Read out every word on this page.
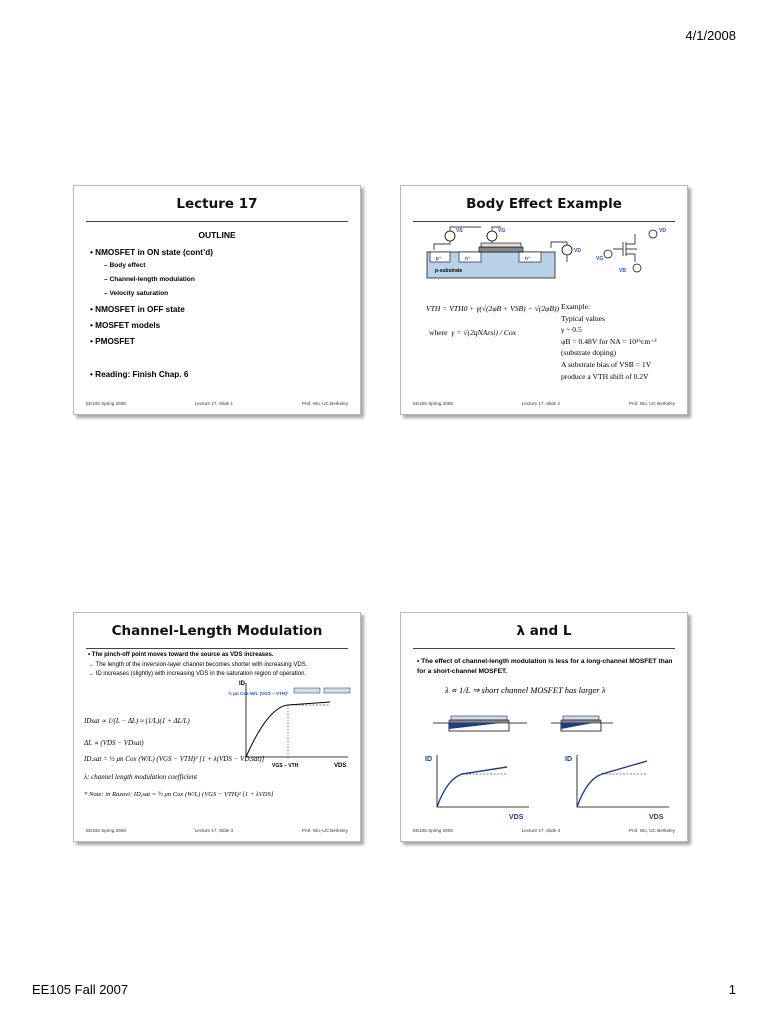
4/1/2008
Lecture 17
OUTLINE
• NMOSFET in ON state (cont’d)
– Body effect
– Channel-length modulation
– Velocity saturation
• NMOSFET in OFF state
• MOSFET models
• PMOSFET
• Reading: Finish Chap. 6
EE105 Spring 2008	Lecture 17, Slide 1	Prof. Wu, UC Berkeley
Body Effect Example
VS	VG
VD
p⁺	n⁺	n⁺
p-substrate
VG
VD
VB
VTH = VTH0 + γ(√(2φB + VSB) − √(2φB))
where γ = √(2qNAεsi) / Cox
Example:
Typical values
γ ~ 0.5
φB = 0.48V for NA = 10¹⁶cm⁻³
(substrate doping)
A substrate bias of VSB = 1V
produce a VTH shift of 0.2V
EE105 Spring 2008	Lecture 17, Slide 2	Prof. Wu, UC Berkeley
Channel-Length Modulation
• The pinch-off point moves toward the source as VDS increases.
→ The length of the inversion-layer channel becomes shorter with increasing VDS.
→ ID increases (slightly) with increasing VDS in the saturation region of operation.
ID
VDS
VGS − VTH
½ μn Cox W/L (VGS − VTH)²
IDsat ∝ 1/(L − ΔL) ≈ (1/L)(1 + ΔL/L)
ΔL ∝ (VDS − VDsat)
ID,sat = ½ μn Cox (W/L) (VGS − VTH)² [1 + λ(VDS − VD,sat)]
λ: channel length modulation coefficient
* Note: in Razavi: ID,sat = ½ μn Cox (W/L) (VGS − VTH)² [1 + λVDS]
EE105 Spring 2008	Lecture 17, Slide 3	Prof. Wu, UC Berkeley
λ and L
• The effect of channel-length modulation is less for a long-channel MOSFET than for a short-channel MOSFET.
λ ∝ 1/L ⇒ short channel MOSFET has larger λ
ID
VDS
ID
VDS
EE105 Spring 2008	Lecture 17, Slide 4	Prof. Wu, UC Berkeley
EE105 Fall 2007	1
